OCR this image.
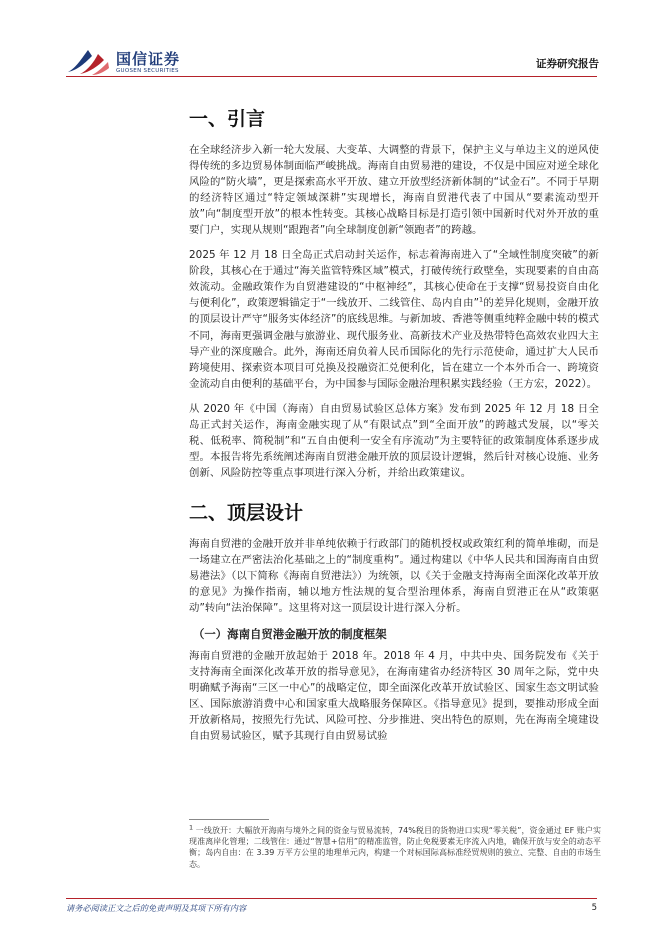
国信证券
GUOSEN SECURITIES
证券研究报告
一、引言

在全球经济步入新一轮大发展、大变革、大调整的背景下，保护主义与单边主义的逆风使得传统的多边贸易体制面临严峻挑战。海南自由贸易港的建设，不仅是中国应对逆全球化风险的“防火墙”，更是探索高水平开放、建立开放型经济新体制的“试金石”。不同于早期的经济特区通过“特定领域深耕”实现增长，海南自贸港代表了中国从“要素流动型开放”向“制度型开放”的根本性转变。其核心战略目标是打造引领中国新时代对外开放的重要门户，实现从规则“跟跑者”向全球制度创新“领跑者”的跨越。

2025 年 12 月 18 日全岛正式启动封关运作，标志着海南进入了“全域性制度突破”的新阶段，其核心在于通过“海关监管特殊区域”模式，打破传统行政壁垒，实现要素的自由高效流动。金融政策作为自贸港建设的“中枢神经”，其核心使命在于支撑“贸易投资自由化与便利化”，政策逻辑锚定于“一线放开、二线管住、岛内自由”$^1$的差异化规则，金融开放的顶层设计严守“服务实体经济”的底线思维。与新加坡、香港等侧重纯粹金融中转的模式不同，海南更强调金融与旅游业、现代服务业、高新技术产业及热带特色高效农业四大主导产业的深度融合。此外，海南还肩负着人民币国际化的先行示范使命，通过扩大人民币跨境使用、探索资本项目可兑换及投融资汇兑便利化，旨在建立一个本外币合一、跨境资金流动自由便利的基础平台，为中国参与国际金融治理积累实践经验（王方宏，2022）。

从 2020 年《中国（海南）自由贸易试验区总体方案》发布到 2025 年 12 月 18 日全岛正式封关运作，海南金融实现了从“有限试点”到“全面开放”的跨越式发展，以“零关税、低税率、简税制”和“五自由便利一安全有序流动”为主要特征的政策制度体系逐步成型。本报告将先系统阐述海南自贸港金融开放的顶层设计逻辑，然后针对核心设施、业务创新、风险防控等重点事项进行深入分析，并给出政策建议。

二、顶层设计

海南自贸港的金融开放并非单纯依赖于行政部门的随机授权或政策红利的简单堆砌，而是一场建立在严密法治化基础之上的“制度重构”。通过构建以《中华人民共和国海南自由贸易港法》（以下简称《海南自贸港法》）为统领，以《关于金融支持海南全面深化改革开放的意见》为操作指南，辅以地方性法规的复合型治理体系，海南自贸港正在从“政策驱动”转向“法治保障”。这里将对这一顶层设计进行深入分析。

（一）海南自贸港金融开放的制度框架

海南自贸港的金融开放起始于 2018 年。2018 年 4 月，中共中央、国务院发布《关于支持海南全面深化改革开放的指导意见》，在海南建省办经济特区 30 周年之际，党中央明确赋予海南“三区一中心”的战略定位，即全面深化改革开放试验区、国家生态文明试验区、国际旅游消费中心和国家重大战略服务保障区。《指导意见》提到，要推动形成全面开放新格局，按照先行先试、风险可控、分步推进、突出特色的原则，先在海南全境建设自由贸易试验区，赋予其现行自由贸易试验

$^1$ 一线放开：大幅放开海南与境外之间的资金与贸易流转，74%税目的货物进口实现“零关税”，资金通过 EF 账户实现准离岸化管理；二线管住：通过“智慧+信用”的精准监管，防止免税要素无序流入内地，确保开放与安全的动态平衡；岛内自由：在 3.39 万平方公里的地理单元内，构建一个对标国际高标准经贸规则的独立、完整、自由的市场生态。
请务必阅读正文之后的免责声明及其项下所有内容	5
